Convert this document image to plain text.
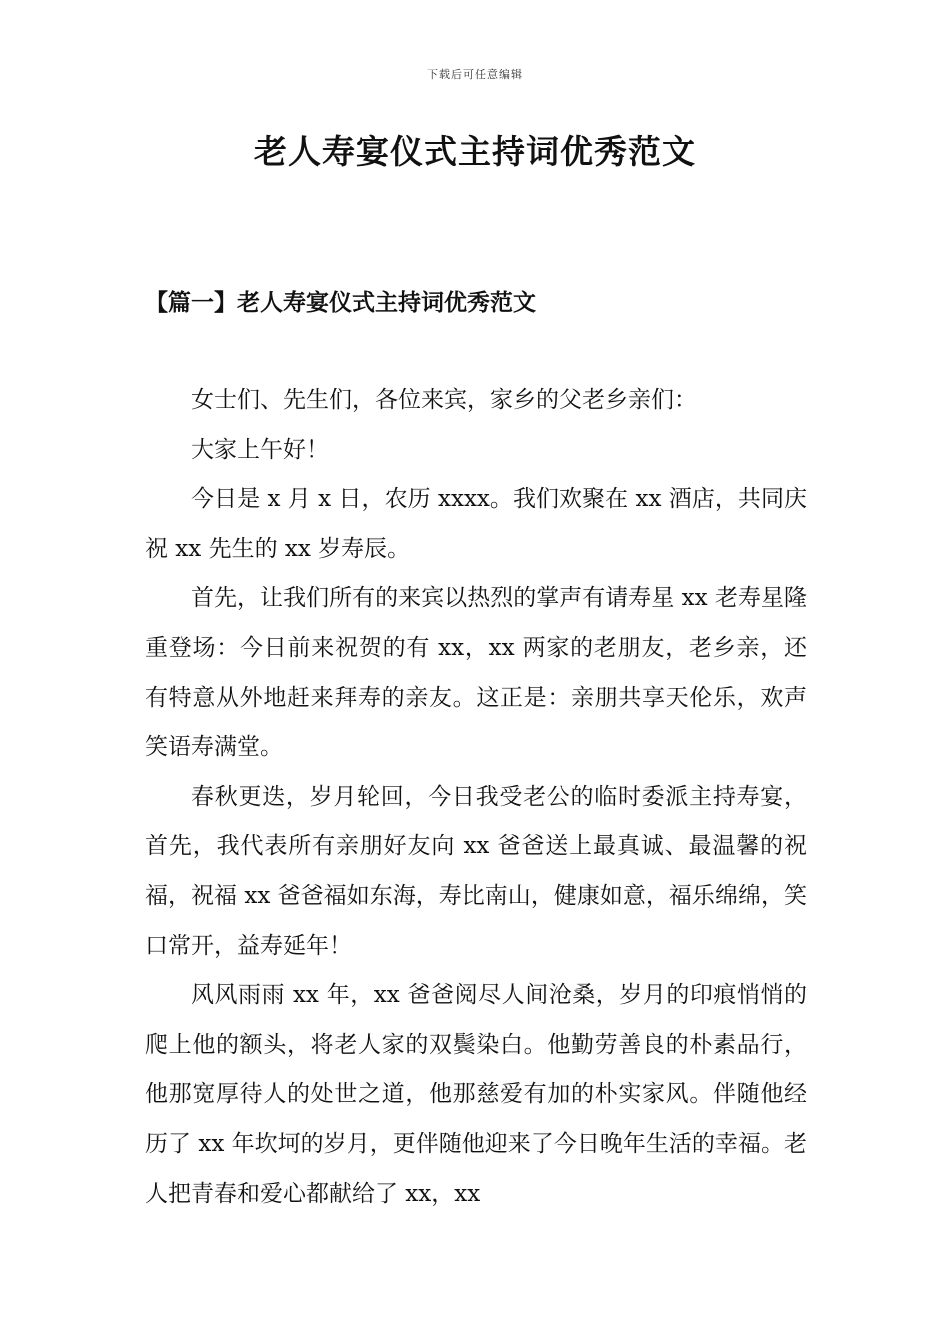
下载后可任意编辑
老人寿宴仪式主持词优秀范文
【篇一】老人寿宴仪式主持词优秀范文

女士们、先生们，各位来宾，家乡的父老乡亲们：

大家上午好！

今日是 x 月 x 日，农历 xxxx。我们欢聚在 xx 酒店，共同庆祝 xx 先生的 xx 岁寿辰。

首先，让我们所有的来宾以热烈的掌声有请寿星 xx 老寿星隆重登场：今日前来祝贺的有 xx，xx 两家的老朋友，老乡亲，还有特意从外地赶来拜寿的亲友。这正是：亲朋共享天伦乐，欢声笑语寿满堂。

春秋更迭，岁月轮回，今日我受老公的临时委派主持寿宴，首先，我代表所有亲朋好友向 xx 爸爸送上最真诚、最温馨的祝福，祝福 xx 爸爸福如东海，寿比南山，健康如意，福乐绵绵，笑口常开，益寿延年！

风风雨雨 xx 年，xx 爸爸阅尽人间沧桑，岁月的印痕悄悄的爬上他的额头，将老人家的双鬓染白。他勤劳善良的朴素品行，他那宽厚待人的处世之道，他那慈爱有加的朴实家风。伴随他经历了 xx 年坎坷的岁月，更伴随他迎来了今日晚年生活的幸福。老人把青春和爱心都献给了 xx，xx
